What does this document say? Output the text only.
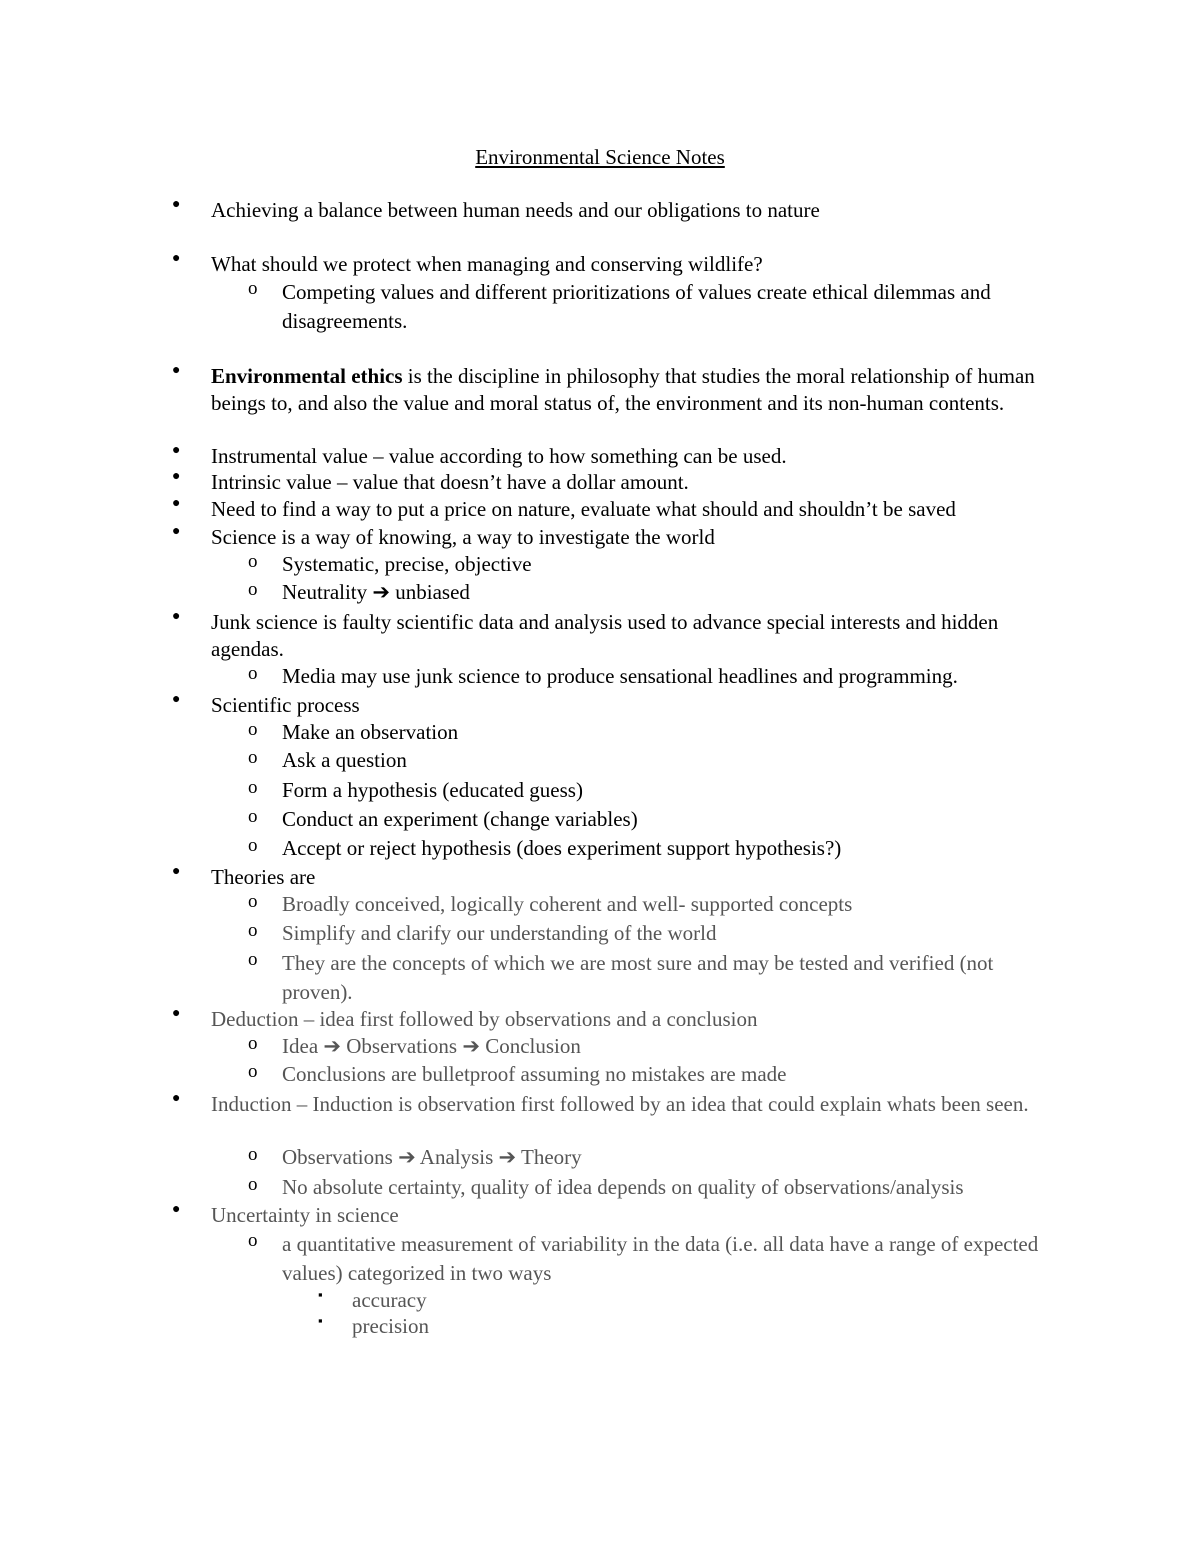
Environmental Science Notes
● Achieving a balance between human needs and our obligations to nature
● What should we protect when managing and conserving wildlife?
o Competing values and different prioritizations of values create ethical dilemmas and disagreements.
● Environmental ethics is the discipline in philosophy that studies the moral relationship of human beings to, and also the value and moral status of, the environment and its non-human contents.
● Instrumental value – value according to how something can be used.
● Intrinsic value – value that doesn’t have a dollar amount.
● Need to find a way to put a price on nature, evaluate what should and shouldn’t be saved
● Science is a way of knowing, a way to investigate the world
o Systematic, precise, objective
o Neutrality ➔ unbiased
● Junk science is faulty scientific data and analysis used to advance special interests and hidden agendas.
o Media may use junk science to produce sensational headlines and programming.
● Scientific process
o Make an observation
o Ask a question
o Form a hypothesis (educated guess)
o Conduct an experiment (change variables)
o Accept or reject hypothesis (does experiment support hypothesis?)
● Theories are
o Broadly conceived, logically coherent and well- supported concepts
o Simplify and clarify our understanding of the world
o They are the concepts of which we are most sure and may be tested and verified (not proven).
● Deduction – idea first followed by observations and a conclusion
o Idea ➔ Observations ➔ Conclusion
o Conclusions are bulletproof assuming no mistakes are made
● Induction – Induction is observation first followed by an idea that could explain whats been seen.
o Observations ➔ Analysis ➔ Theory
o No absolute certainty, quality of idea depends on quality of observations/analysis
● Uncertainty in science
o a quantitative measurement of variability in the data (i.e. all data have a range of expected values) categorized in two ways
▪ accuracy
▪ precision
